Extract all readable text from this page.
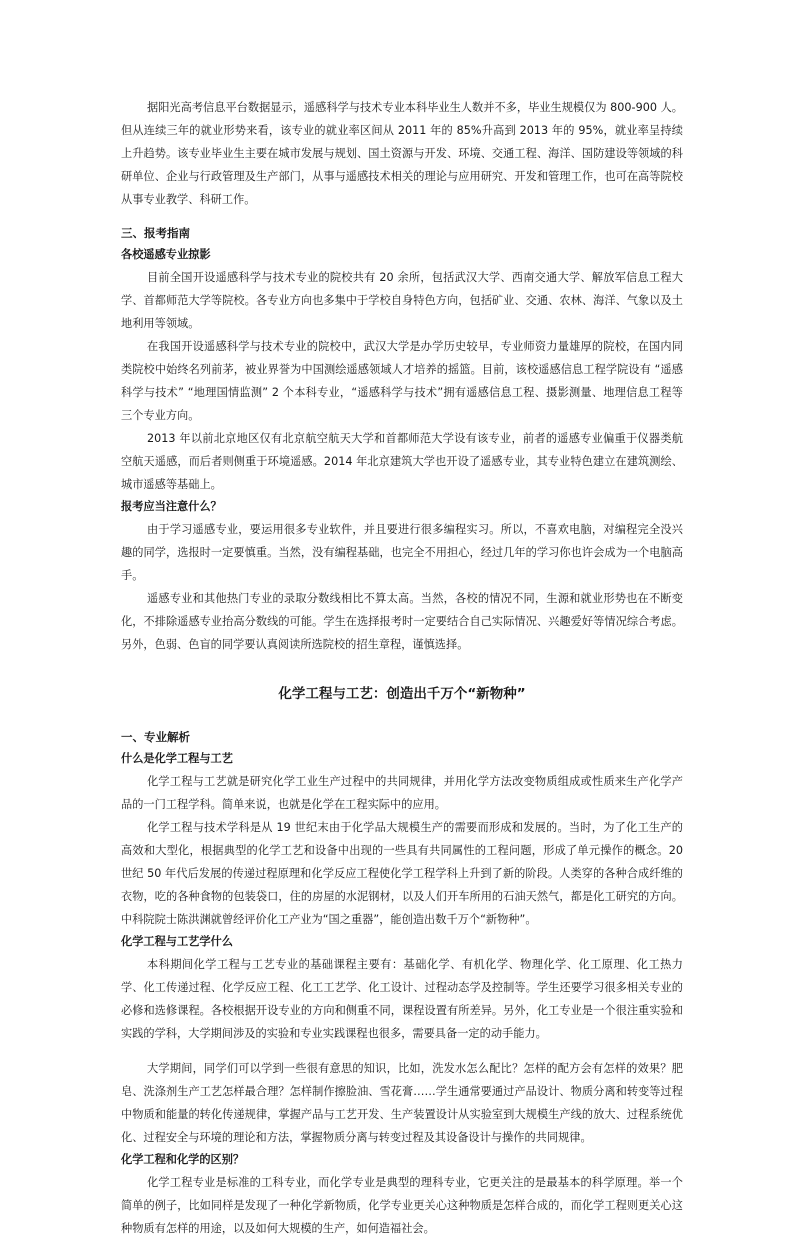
据阳光高考信息平台数据显示，遥感科学与技术专业本科毕业生人数并不多，毕业生规模仅为 800-900 人。但从连续三年的就业形势来看，该专业的就业率区间从 2011 年的 85%升高到 2013 年的 95%，就业率呈持续上升趋势。该专业毕业生主要在城市发展与规划、国土资源与开发、环境、交通工程、海洋、国防建设等领域的科研单位、企业与行政管理及生产部门，从事与遥感技术相关的理论与应用研究、开发和管理工作，也可在高等院校从事专业教学、科研工作。

三、报考指南
各校遥感专业掠影

目前全国开设遥感科学与技术专业的院校共有 20 余所，包括武汉大学、西南交通大学、解放军信息工程大学、首都师范大学等院校。各专业方向也多集中于学校自身特色方向，包括矿业、交通、农林、海洋、气象以及土地利用等领域。

在我国开设遥感科学与技术专业的院校中，武汉大学是办学历史较早，专业师资力量雄厚的院校，在国内同类院校中始终名列前茅，被业界誉为中国测绘遥感领域人才培养的摇篮。目前，该校遥感信息工程学院设有 “遥感科学与技术” “地理国情监测” 2 个本科专业，“遥感科学与技术”拥有遥感信息工程、摄影测量、地理信息工程等三个专业方向。

2013 年以前北京地区仅有北京航空航天大学和首都师范大学设有该专业，前者的遥感专业偏重于仪器类航空航天遥感，而后者则侧重于环境遥感。2014 年北京建筑大学也开设了遥感专业，其专业特色建立在建筑测绘、城市遥感等基础上。

报考应当注意什么？

由于学习遥感专业，要运用很多专业软件，并且要进行很多编程实习。所以，不喜欢电脑，对编程完全没兴趣的同学，选报时一定要慎重。当然，没有编程基础，也完全不用担心，经过几年的学习你也许会成为一个电脑高手。

遥感专业和其他热门专业的录取分数线相比不算太高。当然，各校的情况不同，生源和就业形势也在不断变化，不排除遥感专业抬高分数线的可能。学生在选择报考时一定要结合自己实际情况、兴趣爱好等情况综合考虑。另外，色弱、色盲的同学要认真阅读所选院校的招生章程，谨慎选择。

化学工程与工艺：创造出千万个“新物种”
一、专业解析
什么是化学工程与工艺

化学工程与工艺就是研究化学工业生产过程中的共同规律，并用化学方法改变物质组成或性质来生产化学产品的一门工程学科。简单来说，也就是化学在工程实际中的应用。

化学工程与技术学科是从 19 世纪末由于化学品大规模生产的需要而形成和发展的。当时，为了化工生产的高效和大型化，根据典型的化学工艺和设备中出现的一些具有共同属性的工程问题，形成了单元操作的概念。20 世纪 50 年代后发展的传递过程原理和化学反应工程使化学工程学科上升到了新的阶段。人类穿的各种合成纤维的衣物，吃的各种食物的包装袋口，住的房屋的水泥钢材，以及人们开车所用的石油天然气，都是化工研究的方向。中科院院士陈洪渊就曾经评价化工产业为“国之重器”，能创造出数千万个“新物种”。

化学工程与工艺学什么

本科期间化学工程与工艺专业的基础课程主要有：基础化学、有机化学、物理化学、化工原理、化工热力学、化工传递过程、化学反应工程、化工工艺学、化工设计、过程动态学及控制等。学生还要学习很多相关专业的必修和选修课程。各校根据开设专业的方向和侧重不同，课程设置有所差异。另外，化工专业是一个很注重实验和实践的学科，大学期间涉及的实验和专业实践课程也很多，需要具备一定的动手能力。

大学期间，同学们可以学到一些很有意思的知识，比如，洗发水怎么配比？怎样的配方会有怎样的效果？肥皂、洗涤剂生产工艺怎样最合理？怎样制作擦脸油、雪花膏……学生通常要通过产品设计、物质分离和转变等过程中物质和能量的转化传递规律，掌握产品与工艺开发、生产装置设计从实验室到大规模生产线的放大、过程系统优化、过程安全与环境的理论和方法，掌握物质分离与转变过程及其设备设计与操作的共同规律。

化学工程和化学的区别？

化学工程专业是标准的工科专业，而化学专业是典型的理科专业，它更关注的是最基本的科学原理。举一个简单的例子，比如同样是发现了一种化学新物质，化学专业更关心这种物质是怎样合成的，而化学工程则更关心这种物质有怎样的用途，以及如何大规模的生产，如何造福社会。
